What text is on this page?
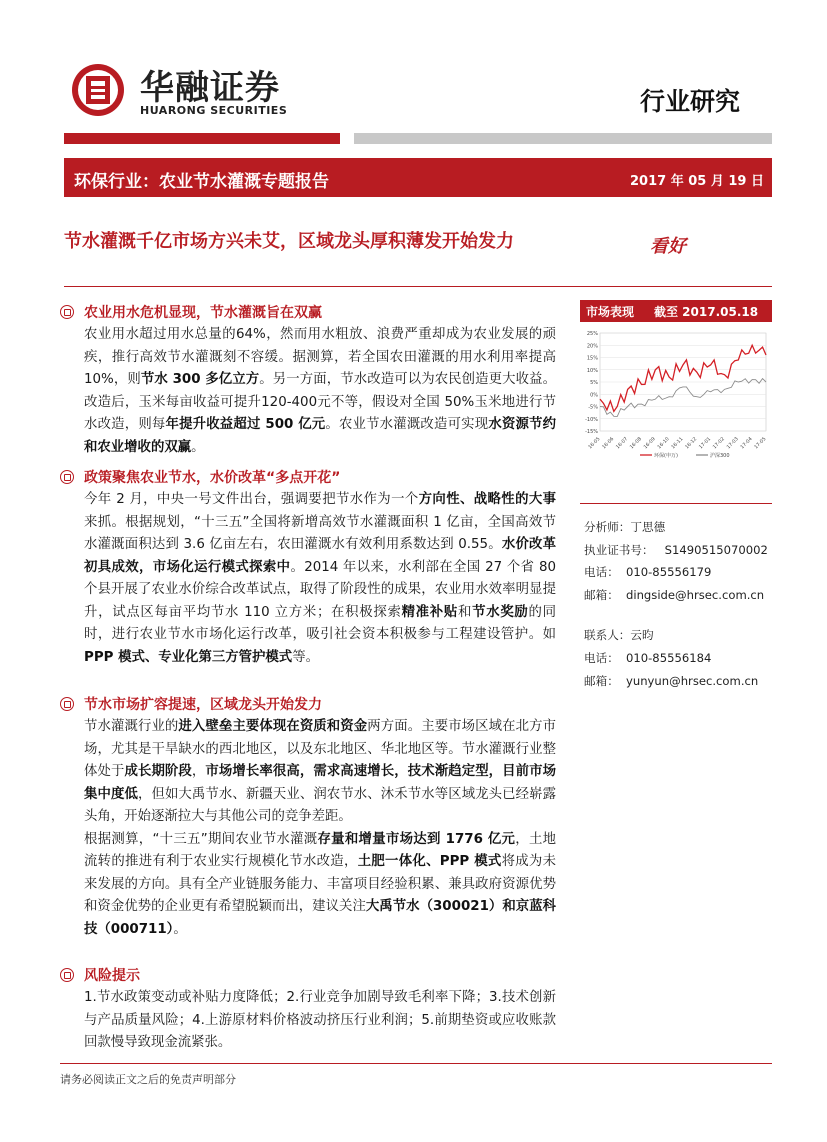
华融证券
HUARONG SECURITIES	行业研究
环保行业：农业节水灌溉专题报告	2017 年 05 月 19 日
节水灌溉千亿市场方兴未艾，区域龙头厚积薄发开始发力	看好
农业用水危机显现，节水灌溉旨在双赢
农业用水超过用水总量的64%，然而用水粗放、浪费严重却成为农业发展的顽疾，推行高效节水灌溉刻不容缓。据测算，若全国农田灌溉的用水利用率提高10%，则节水 300 多亿立方。另一方面，节水改造可以为农民创造更大收益。改造后，玉米每亩收益可提升120-400元不等，假设对全国 50%玉米地进行节水改造，则每年提升收益超过 500 亿元。农业节水灌溉改造可实现水资源节约和农业增收的双赢。
政策聚焦农业节水，水价改革“多点开花”
今年 2 月，中央一号文件出台，强调要把节水作为一个方向性、战略性的大事来抓。根据规划，“十三五”全国将新增高效节水灌溉面积 1 亿亩，全国高效节水灌溉面积达到 3.6 亿亩左右，农田灌溉水有效利用系数达到 0.55。水价改革初具成效，市场化运行模式探索中。2014 年以来，水利部在全国 27 个省 80 个县开展了农业水价综合改革试点，取得了阶段性的成果，农业用水效率明显提升，试点区每亩平均节水 110 立方米；在积极探索精准补贴和节水奖励的同时，进行农业节水市场化运行改革，吸引社会资本积极参与工程建设管护。如 PPP 模式、专业化第三方管护模式等。
节水市场扩容提速，区域龙头开始发力
节水灌溉行业的进入壁垒主要体现在资质和资金两方面。主要市场区域在北方市场，尤其是干旱缺水的西北地区，以及东北地区、华北地区等。节水灌溉行业整体处于成长期阶段，市场增长率很高，需求高速增长，技术渐趋定型，目前市场集中度低，但如大禹节水、新疆天业、润农节水、沐禾节水等区域龙头已经崭露头角，开始逐渐拉大与其他公司的竞争差距。
根据测算，“十三五”期间农业节水灌溉存量和增量市场达到 1776 亿元，土地流转的推进有利于农业实行规模化节水改造，土肥一体化、PPP 模式将成为未来发展的方向。具有全产业链服务能力、丰富项目经验积累、兼具政府资源优势和资金优势的企业更有希望脱颖而出，建议关注大禹节水（300021）和京蓝科技（000711）。
风险提示
1.节水政策变动或补贴力度降低；2.行业竞争加剧导致毛利率下降；3.技术创新与产品质量风险；4.上游原材料价格波动挤压行业利润；5.前期垫资或应收账款回款慢导致现金流紧张。
市场表现 截至 2017.05.18
25%
20%
15%
10%
5%
0%
-5%
-10%
-15%
16-05 16-06 16-07 16-08 16-09 16-10 16-11 16-12 17-01 17-02 17-03 17-04 17-05
环保(申万)	沪深300
分析师：丁思德
执业证书号： S1490515070002
电话： 010-85556179
邮箱： dingside@hrsec.com.cn
联系人：云昀
电话： 010-85556184
邮箱： yunyun@hrsec.com.cn
请务必阅读正文之后的免责声明部分
